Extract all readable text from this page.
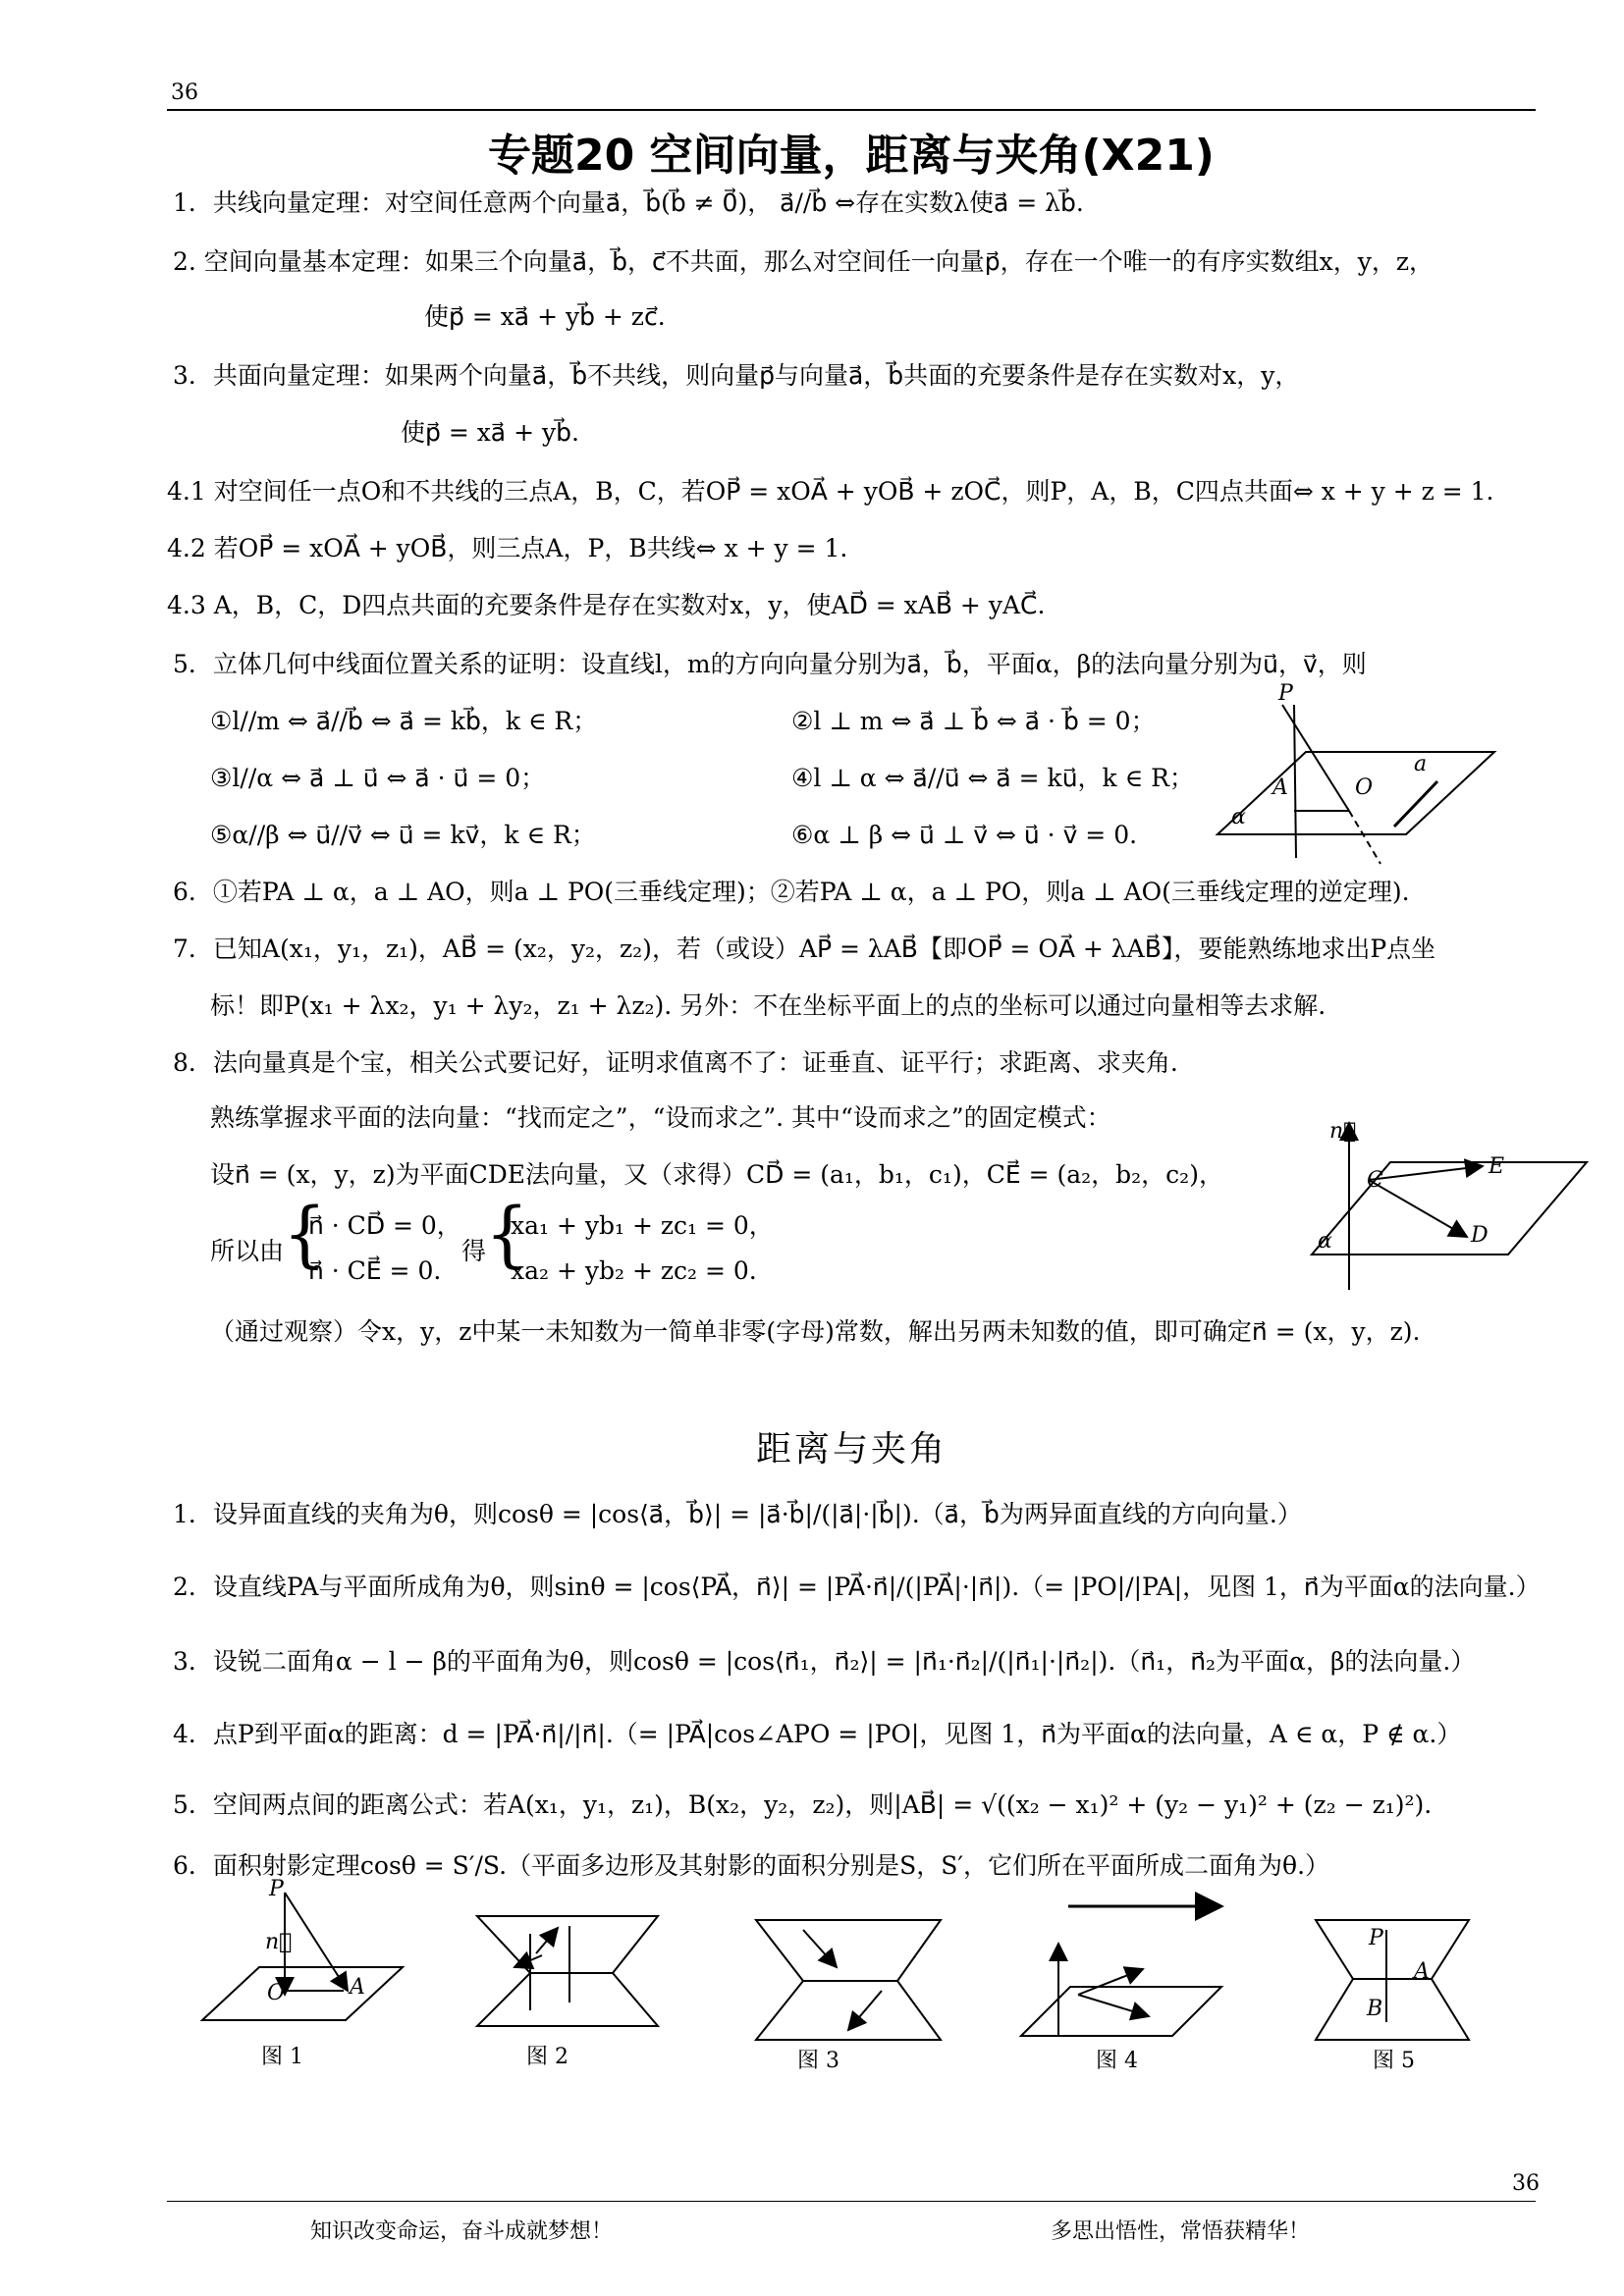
36
专题20 空间向量，距离与夹角(X21)
1．共线向量定理：对空间任意两个向量a⃗，b⃗(b⃗ ≠ 0⃗)， a⃗//b⃗ ⇔存在实数λ使a⃗ = λb⃗.
2. 空间向量基本定理：如果三个向量a⃗，b⃗，c⃗不共面，那么对空间任一向量p⃗，存在一个唯一的有序实数组x，y，z，
使p⃗ = xa⃗ + yb⃗ + zc⃗.
3．共面向量定理：如果两个向量a⃗，b⃗不共线，则向量p⃗与向量a⃗，b⃗共面的充要条件是存在实数对x，y，
使p⃗ = xa⃗ + yb⃗.
4.1 对空间任一点O和不共线的三点A，B，C，若OP⃗ = xOA⃗ + yOB⃗ + zOC⃗，则P，A，B，C四点共面⇔ x + y + z = 1.
4.2 若OP⃗ = xOA⃗ + yOB⃗，则三点A，P，B共线⇔ x + y = 1.
4.3 A，B，C，D四点共面的充要条件是存在实数对x，y，使AD⃗ = xAB⃗ + yAC⃗.
5．立体几何中线面位置关系的证明：设直线l，m的方向向量分别为a⃗，b⃗，平面α，β的法向量分别为u⃗，v⃗，则
①l//m ⇔ a⃗//b⃗ ⇔ a⃗ = kb⃗，k ∈ R；	②l ⊥ m ⇔ a⃗ ⊥ b⃗ ⇔ a⃗ · b⃗ = 0；
③l//α ⇔ a⃗ ⊥ u⃗ ⇔ a⃗ · u⃗ = 0；	④l ⊥ α ⇔ a⃗//u⃗ ⇔ a⃗ = ku⃗，k ∈ R；
⑤α//β ⇔ u⃗//v⃗ ⇔ u⃗ = kv⃗，k ∈ R；	⑥α ⊥ β ⇔ u⃗ ⊥ v⃗ ⇔ u⃗ · v⃗ = 0.
6．①若PA ⊥ α，a ⊥ AO，则a ⊥ PO(三垂线定理)；②若PA ⊥ α，a ⊥ PO，则a ⊥ AO(三垂线定理的逆定理).
7．已知A(x₁，y₁，z₁)，AB⃗ = (x₂，y₂，z₂)，若（或设）AP⃗ = λAB⃗【即OP⃗ = OA⃗ + λAB⃗】，要能熟练地求出P点坐
标！即P(x₁ + λx₂，y₁ + λy₂，z₁ + λz₂). 另外：不在坐标平面上的点的坐标可以通过向量相等去求解.
8．法向量真是个宝，相关公式要记好，证明求值离不了：证垂直、证平行；求距离、求夹角.
熟练掌握求平面的法向量：“找而定之”，“设而求之”. 其中“设而求之”的固定模式：
设n⃗ = (x，y，z)为平面CDE法向量，又（求得）CD⃗ = (a₁，b₁，c₁)，CE⃗ = (a₂，b₂，c₂)，
所以由
{
n⃗ · CD⃗ = 0，
n⃗ · CE⃗ = 0.
得
{
xa₁ + yb₁ + zc₁ = 0，
xa₂ + yb₂ + zc₂ = 0.
（通过观察）令x，y，z中某一未知数为一简单非零(字母)常数，解出另两未知数的值，即可确定n⃗ = (x，y，z).
P
A	O
a
α
n⃗
C
E
D
α
距离与夹角
1．设异面直线的夹角为θ，则cosθ = |cos⟨a⃗，b⃗⟩| = |a⃗·b⃗|/(|a⃗|·|b⃗|).（a⃗，b⃗为两异面直线的方向向量.）
2．设直线PA与平面所成角为θ，则sinθ = |cos⟨PA⃗，n⃗⟩| = |PA⃗·n⃗|/(|PA⃗|·|n⃗|).（= |PO|/|PA|，见图 1，n⃗为平面α的法向量.）
3．设锐二面角α − l − β的平面角为θ，则cosθ = |cos⟨n⃗₁，n⃗₂⟩| = |n⃗₁·n⃗₂|/(|n⃗₁|·|n⃗₂|).（n⃗₁，n⃗₂为平面α，β的法向量.）
4．点P到平面α的距离：d = |PA⃗·n⃗|/|n⃗|.（= |PA⃗|cos∠APO = |PO|，见图 1，n⃗为平面α的法向量，A ∈ α，P ∉ α.）
5．空间两点间的距离公式：若A(x₁，y₁，z₁)，B(x₂，y₂，z₂)，则|AB⃗| = √((x₂ − x₁)² + (y₂ − y₁)² + (z₂ − z₁)²).
6．面积射影定理cosθ = S′/S.（平面多边形及其射影的面积分别是S，S′，它们所在平面所成二面角为θ.）
P
n⃗
O	A
P
A
B
图 1	图 2	图 3	图 4	图 5
36
知识改变命运，奋斗成就梦想！	多思出悟性，常悟获精华！
